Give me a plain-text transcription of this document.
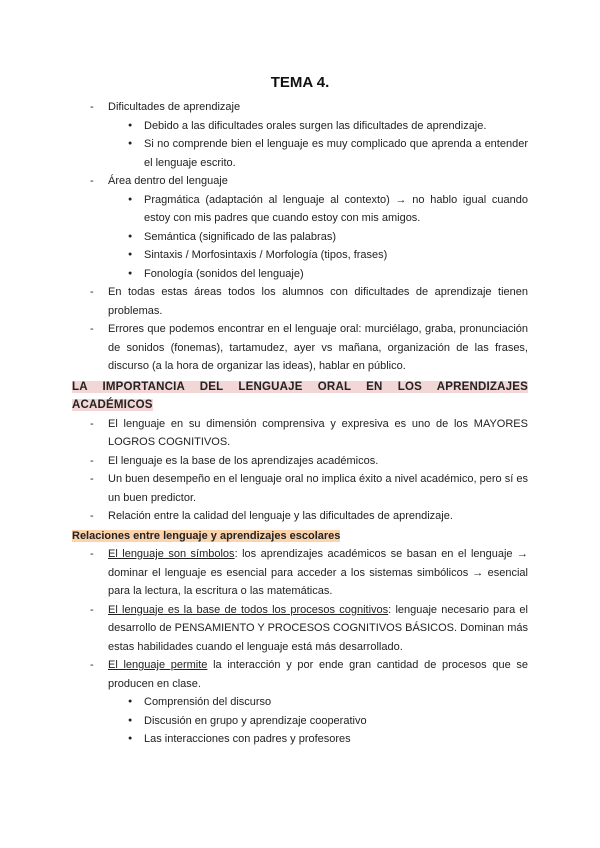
TEMA 4.
- Dificultades de aprendizaje
● Debido a las dificultades orales surgen las dificultades de aprendizaje.
● Si no comprende bien el lenguaje es muy complicado que aprenda a entender el lenguaje escrito.
- Área dentro del lenguaje
● Pragmática (adaptación al lenguaje al contexto) → no hablo igual cuando estoy con mis padres que cuando estoy con mis amigos.
● Semántica (significado de las palabras)
● Sintaxis / Morfosintaxis / Morfología (tipos, frases)
● Fonología (sonidos del lenguaje)
- En todas estas áreas todos los alumnos con dificultades de aprendizaje tienen problemas.
- Errores que podemos encontrar en el lenguaje oral: murciélago, graba, pronunciación de sonidos (fonemas), tartamudez, ayer vs mañana, organización de las frases, discurso (a la hora de organizar las ideas), hablar en público.
LA IMPORTANCIA DEL LENGUAJE ORAL EN LOS APRENDIZAJES
ACADÉMICOS
- El lenguaje en su dimensión comprensiva y expresiva es uno de los MAYORES LOGROS COGNITIVOS.
- El lenguaje es la base de los aprendizajes académicos.
- Un buen desempeño en el lenguaje oral no implica éxito a nivel académico, pero sí es un buen predictor.
- Relación entre la calidad del lenguaje y las dificultades de aprendizaje.
Relaciones entre lenguaje y aprendizajes escolares
- El lenguaje son símbolos: los aprendizajes académicos se basan en el lenguaje → dominar el lenguaje es esencial para acceder a los sistemas simbólicos → esencial para la lectura, la escritura o las matemáticas.
- El lenguaje es la base de todos los procesos cognitivos: lenguaje necesario para el desarrollo de PENSAMIENTO Y PROCESOS COGNITIVOS BÁSICOS. Dominan más estas habilidades cuando el lenguaje está más desarrollado.
- El lenguaje permite la interacción y por ende gran cantidad de procesos que se producen en clase.
● Comprensión del discurso
● Discusión en grupo y aprendizaje cooperativo
● Las interacciones con padres y profesores
